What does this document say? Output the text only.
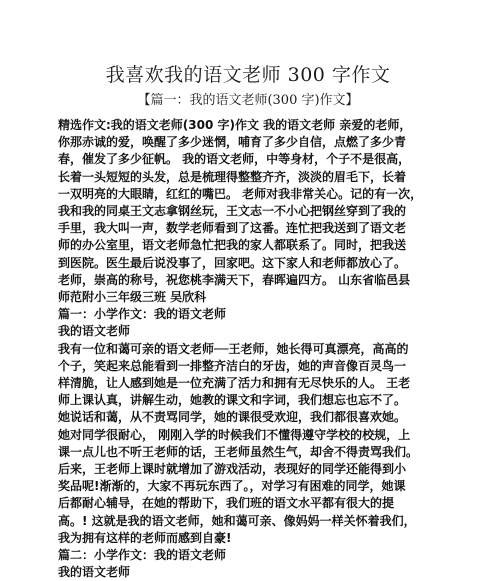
我喜欢我的语文老师 300 字作文
【篇一：我的语文老师(300 字)作文】
精选作文:我的语文老师(300 字)作文 我的语文老师 亲爱的老师，
你那赤诚的爱，唤醒了多少迷惘，哺育了多少自信，点燃了多少青
春，催发了多少征帆。 我的语文老师，中等身材，个子不是很高，
长着一头短短的头发，总是梳理得整整齐齐，淡淡的眉毛下，长着
一双明亮的大眼睛，红红的嘴巴。 老师对我非常关心。记的有一次，
我和我的同桌王文志拿钢丝玩，王文志一不小心把钢丝穿到了我的
手里，我大叫一声，数学老师看到了这番。连忙把我送到了语文老
师的办公室里，语文老师急忙把我的家人都联系了。同时，把我送
到医院。医生最后说没事了，回家吧。这下家人和老师都放心了。
老师，崇高的称号，祝您桃李满天下，春晖遍四方。 山东省临邑县
师范附小三年级三班 吴欣科
篇一：小学作文：我的语文老师
我的语文老师
我有一位和蔼可亲的语文老师──王老师，她长得可真漂亮，高高的
个子，笑起来总能看到一排整齐洁白的牙齿，她的声音像百灵鸟一
样清脆，让人感到她是一位充满了活力和拥有无尽快乐的人。 王老
师上课认真，讲解生动，她教的课文和字词，我们想忘也忘不了。
她说话和蔼，从不责骂同学，她的课很受欢迎，我们都很喜欢她。
她对同学很耐心， 刚刚入学的时候我们不懂得遵守学校的校规，上
课一点儿也不听王老师的话，王老师虽然生气，却舍不得责骂我们。
后来，王老师上课时就增加了游戏活动，表现好的同学还能得到小
奖品呢!渐渐的，大家不再玩东西了。，对学习有困难的同学，她课
后都耐心辅导，在她的帮助下，我们班的语文水平都有很大的提
高。! 这就是我的语文老师，她和蔼可亲、像妈妈一样关怀着我们，
我为拥有这样的老师而感到自豪!
篇二：小学作文：我的语文老师
我的语文老师
